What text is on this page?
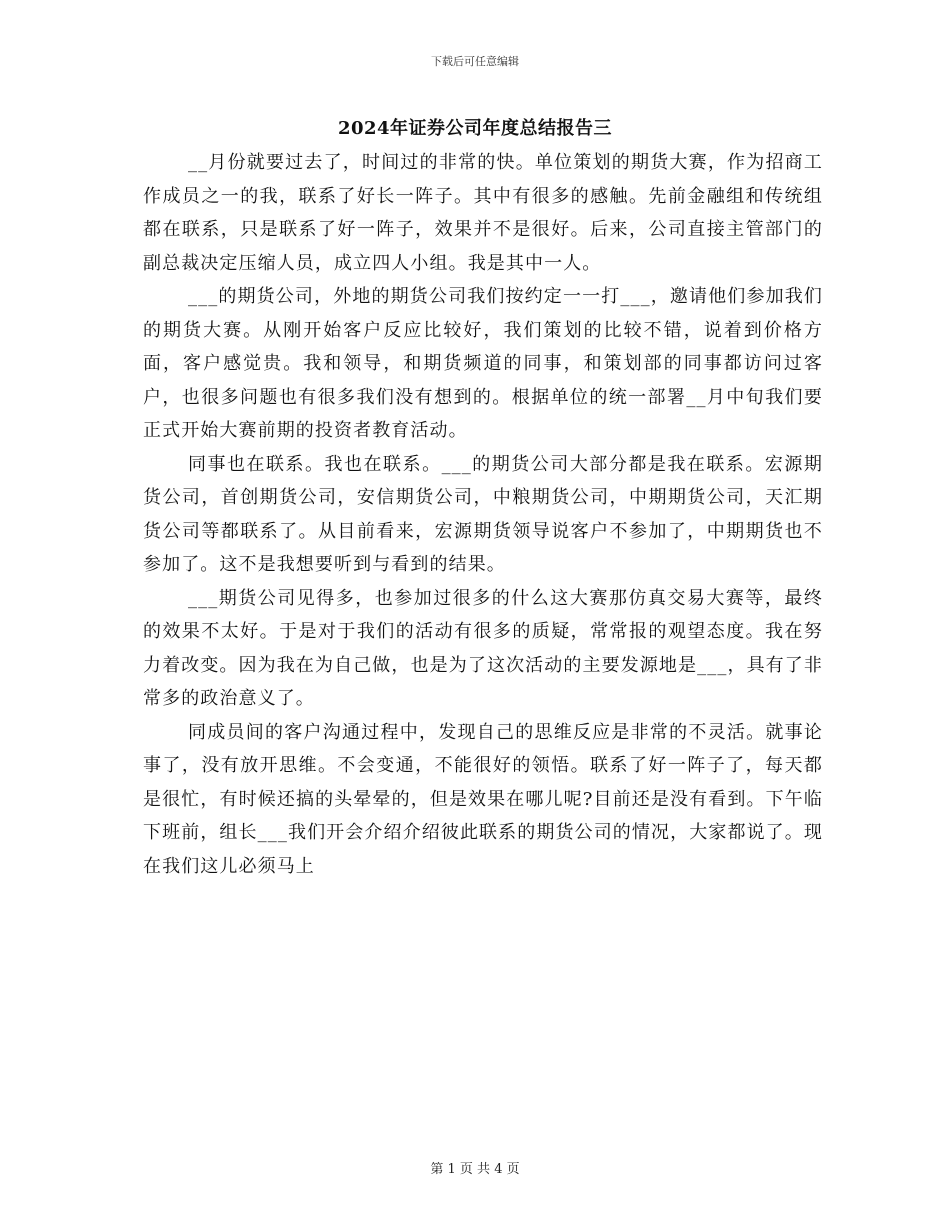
下载后可任意编辑
2024年证券公司年度总结报告三

__月份就要过去了，时间过的非常的快。单位策划的期货大赛，作为招商工作成员之一的我，联系了好长一阵子。其中有很多的感触。先前金融组和传统组都在联系，只是联系了好一阵子，效果并不是很好。后来，公司直接主管部门的副总裁决定压缩人员，成立四人小组。我是其中一人。

___的期货公司，外地的期货公司我们按约定一一打___，邀请他们参加我们的期货大赛。从刚开始客户反应比较好，我们策划的比较不错，说着到价格方面，客户感觉贵。我和领导，和期货频道的同事，和策划部的同事都访问过客户，也很多问题也有很多我们没有想到的。根据单位的统一部署__月中旬我们要正式开始大赛前期的投资者教育活动。

同事也在联系。我也在联系。___的期货公司大部分都是我在联系。宏源期货公司，首创期货公司，安信期货公司，中粮期货公司，中期期货公司，天汇期货公司等都联系了。从目前看来，宏源期货领导说客户不参加了，中期期货也不参加了。这不是我想要听到与看到的结果。

___期货公司见得多，也参加过很多的什么这大赛那仿真交易大赛等，最终的效果不太好。于是对于我们的活动有很多的质疑，常常报的观望态度。我在努力着改变。因为我在为自己做，也是为了这次活动的主要发源地是___，具有了非常多的政治意义了。

同成员间的客户沟通过程中，发现自己的思维反应是非常的不灵活。就事论事了，没有放开思维。不会变通，不能很好的领悟。联系了好一阵子了，每天都是很忙，有时候还搞的头晕晕的，但是效果在哪儿呢?目前还是没有看到。下午临下班前，组长___我们开会介绍介绍彼此联系的期货公司的情况，大家都说了。现在我们这儿必须马上

第 1 页 共 4 页
